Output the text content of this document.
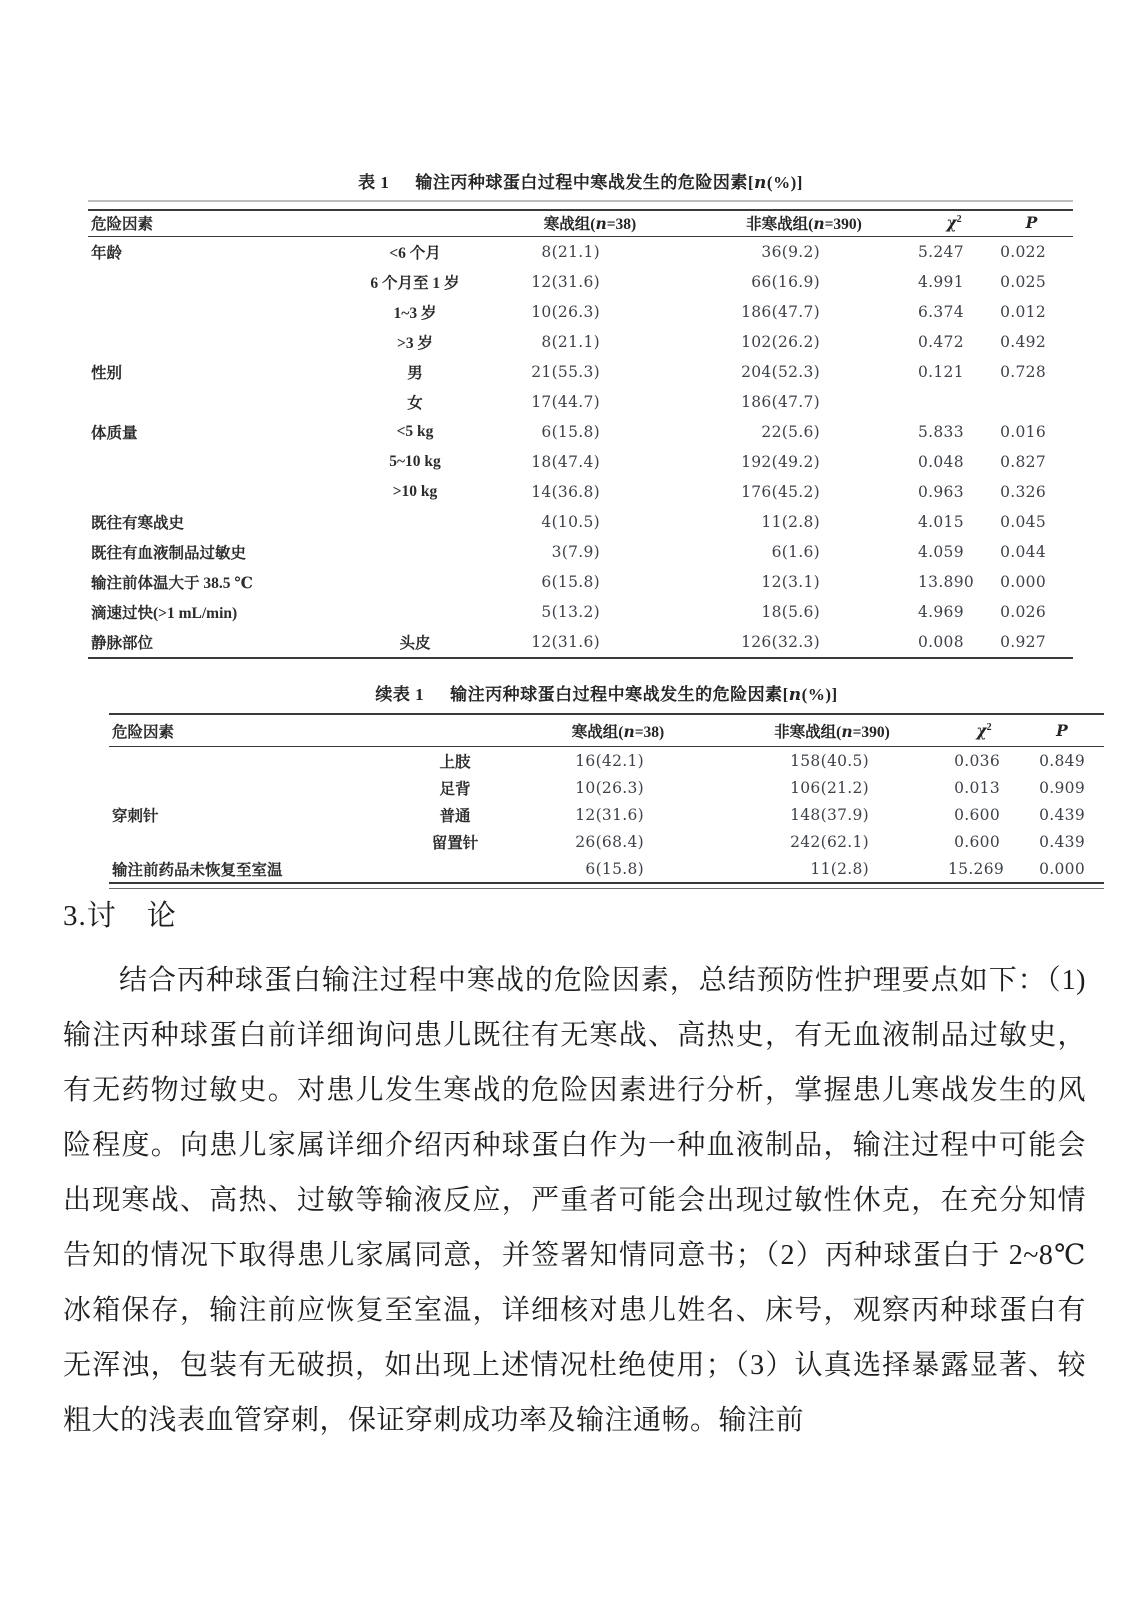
表 1 输注丙种球蛋白过程中寒战发生的危险因素[n(%)]
危险因素		寒战组(n=38)	非寒战组(n=390)	$\chi^2$	P
年龄	<6 个月	8(21.1)	36(9.2)	5.247	0.022
	6 个月至 1 岁	12(31.6)	66(16.9)	4.991	0.025
	1~3 岁	10(26.3)	186(47.7)	6.374	0.012
	>3 岁	8(21.1)	102(26.2)	0.472	0.492
性别	男	21(55.3)	204(52.3)	0.121	0.728
	女	17(44.7)	186(47.7)		
体质量	<5 kg	6(15.8)	22(5.6)	5.833	0.016
	5~10 kg	18(47.4)	192(49.2)	0.048	0.827
	>10 kg	14(36.8)	176(45.2)	0.963	0.326
既往有寒战史		4(10.5)	11(2.8)	4.015	0.045
既往有血液制品过敏史		3(7.9)	6(1.6)	4.059	0.044
输注前体温大于 38.5 ℃		6(15.8)	12(3.1)	13.890	0.000
滴速过快(>1 mL/min)		5(13.2)	18(5.6)	4.969	0.026
静脉部位	头皮	12(31.6)	126(32.3)	0.008	0.927
续表 1 输注丙种球蛋白过程中寒战发生的危险因素[n(%)]
危险因素		寒战组(n=38)	非寒战组(n=390)	$\chi^2$	P
	上肢	16(42.1)	158(40.5)	0.036	0.849
	足背	10(26.3)	106(21.2)	0.013	0.909
穿刺针	普通	12(31.6)	148(37.9)	0.600	0.439
	留置针	26(68.4)	242(62.1)	0.600	0.439
输注前药品未恢复至室温		6(15.8)	11(2.8)	15.269	0.000
3.讨　论

结合丙种球蛋白输注过程中寒战的危险因素，总结预防性护理要点如下：（1)输注丙种球蛋白前详细询问患儿既往有无寒战、高热史，有无血液制品过敏史，有无药物过敏史。对患儿发生寒战的危险因素进行分析，掌握患儿寒战发生的风险程度。向患儿家属详细介绍丙种球蛋白作为一种血液制品，输注过程中可能会出现寒战、高热、过敏等输液反应，严重者可能会出现过敏性休克，在充分知情告知的情况下取得患儿家属同意，并签署知情同意书；（2）丙种球蛋白于 2~8℃冰箱保存，输注前应恢复至室温，详细核对患儿姓名、床号，观察丙种球蛋白有无浑浊，包装有无破损，如出现上述情况杜绝使用；（3）认真选择暴露显著、较粗大的浅表血管穿刺，保证穿刺成功率及输注通畅。输注前
